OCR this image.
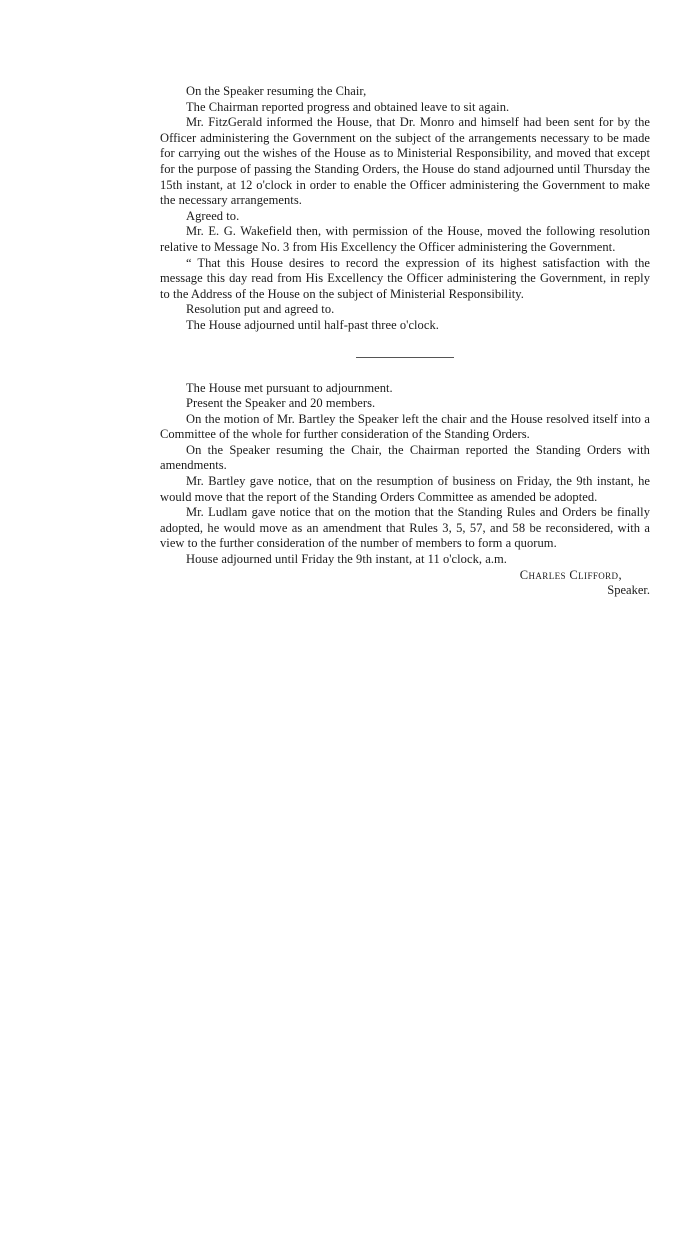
On the Speaker resuming the Chair,

The Chairman reported progress and obtained leave to sit again.

Mr. FitzGerald informed the House, that Dr. Monro and himself had been sent for by the Officer administering the Government on the subject of the arrangements necessary to be made for carrying out the wishes of the House as to Ministerial Responsibility, and moved that except for the purpose of passing the Standing Orders, the House do stand adjourned until Thursday the 15th instant, at 12 o'clock in order to enable the Officer administering the Government to make the necessary arrangements.

Agreed to.

Mr. E. G. Wakefield then, with permission of the House, moved the following resolution relative to Message No. 3 from His Excellency the Officer administering the Government.

“ That this House desires to record the expression of its highest satisfaction with the message this day read from His Excellency the Officer administering the Government, in reply to the Address of the House on the subject of Ministerial Responsibility.

Resolution put and agreed to.

The House adjourned until half-past three o'clock.

The House met pursuant to adjournment.

Present the Speaker and 20 members.

On the motion of Mr. Bartley the Speaker left the chair and the House resolved itself into a Committee of the whole for further consideration of the Standing Orders.

On the Speaker resuming the Chair, the Chairman reported the Standing Orders with amendments.

Mr. Bartley gave notice, that on the resumption of business on Friday, the 9th instant, he would move that the report of the Standing Orders Committee as amended be adopted.

Mr. Ludlam gave notice that on the motion that the Standing Rules and Orders be finally adopted, he would move as an amendment that Rules 3, 5, 57, and 58 be reconsidered, with a view to the further consideration of the number of members to form a quorum.

House adjourned until Friday the 9th instant, at 11 o'clock, a.m.

Charles Clifford,

Speaker.
